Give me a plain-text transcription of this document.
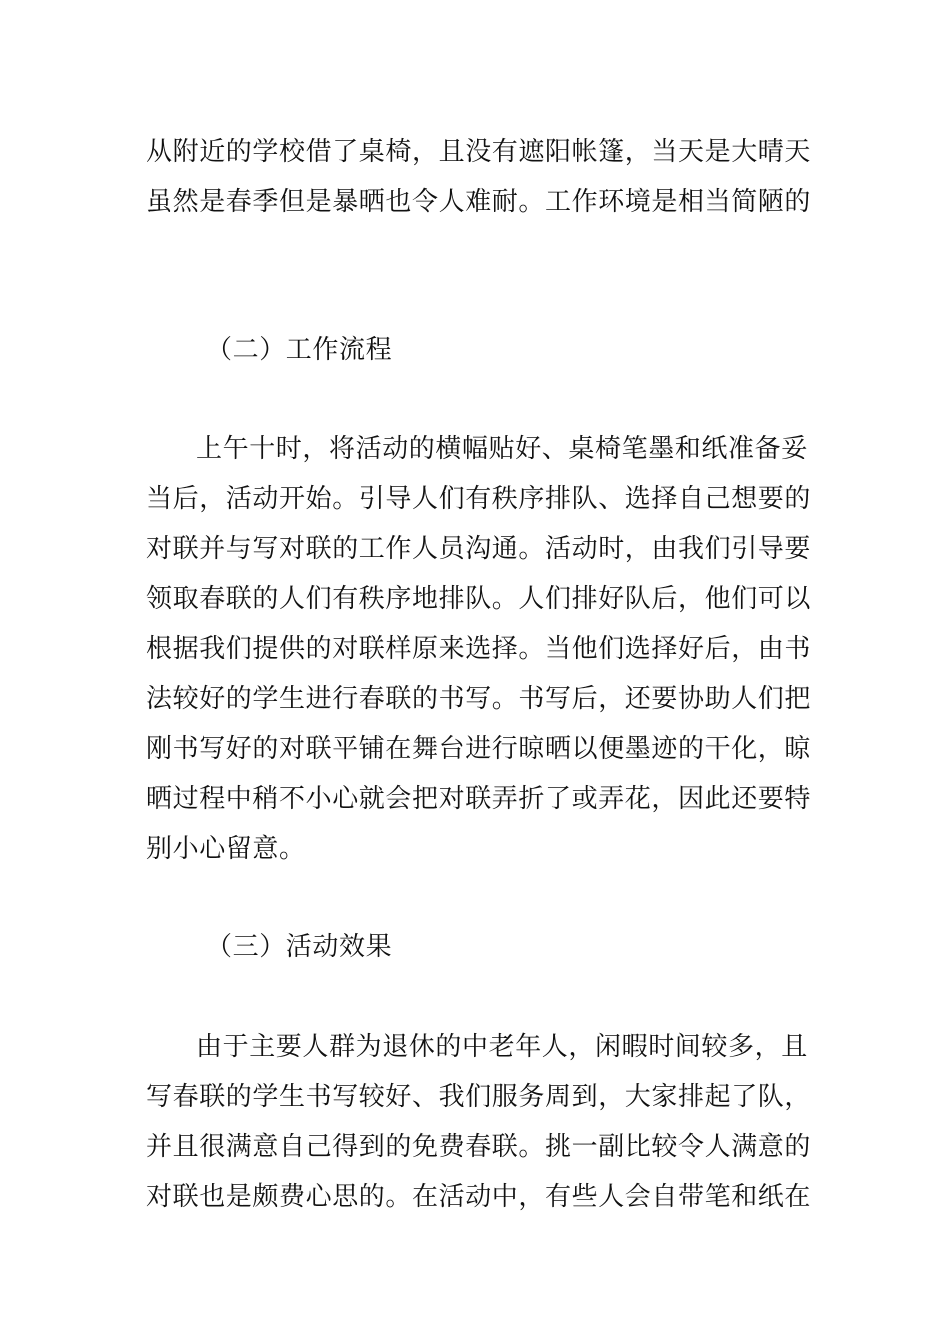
从附近的学校借了桌椅，且没有遮阳帐篷，当天是大晴天
虽然是春季但是暴晒也令人难耐。工作环境是相当简陋的
（二）工作流程
上午十时，将活动的横幅贴好、桌椅笔墨和纸准备妥
当后，活动开始。引导人们有秩序排队、选择自己想要的
对联并与写对联的工作人员沟通。活动时，由我们引导要
领取春联的人们有秩序地排队。人们排好队后，他们可以
根据我们提供的对联样原来选择。当他们选择好后，由书
法较好的学生进行春联的书写。书写后，还要协助人们把
刚书写好的对联平铺在舞台进行晾晒以便墨迹的干化，晾
晒过程中稍不小心就会把对联弄折了或弄花，因此还要特
别小心留意。
（三）活动效果
由于主要人群为退休的中老年人，闲暇时间较多，且
写春联的学生书写较好、我们服务周到，大家排起了队，
并且很满意自己得到的免费春联。挑一副比较令人满意的
对联也是颇费心思的。在活动中，有些人会自带笔和纸在
